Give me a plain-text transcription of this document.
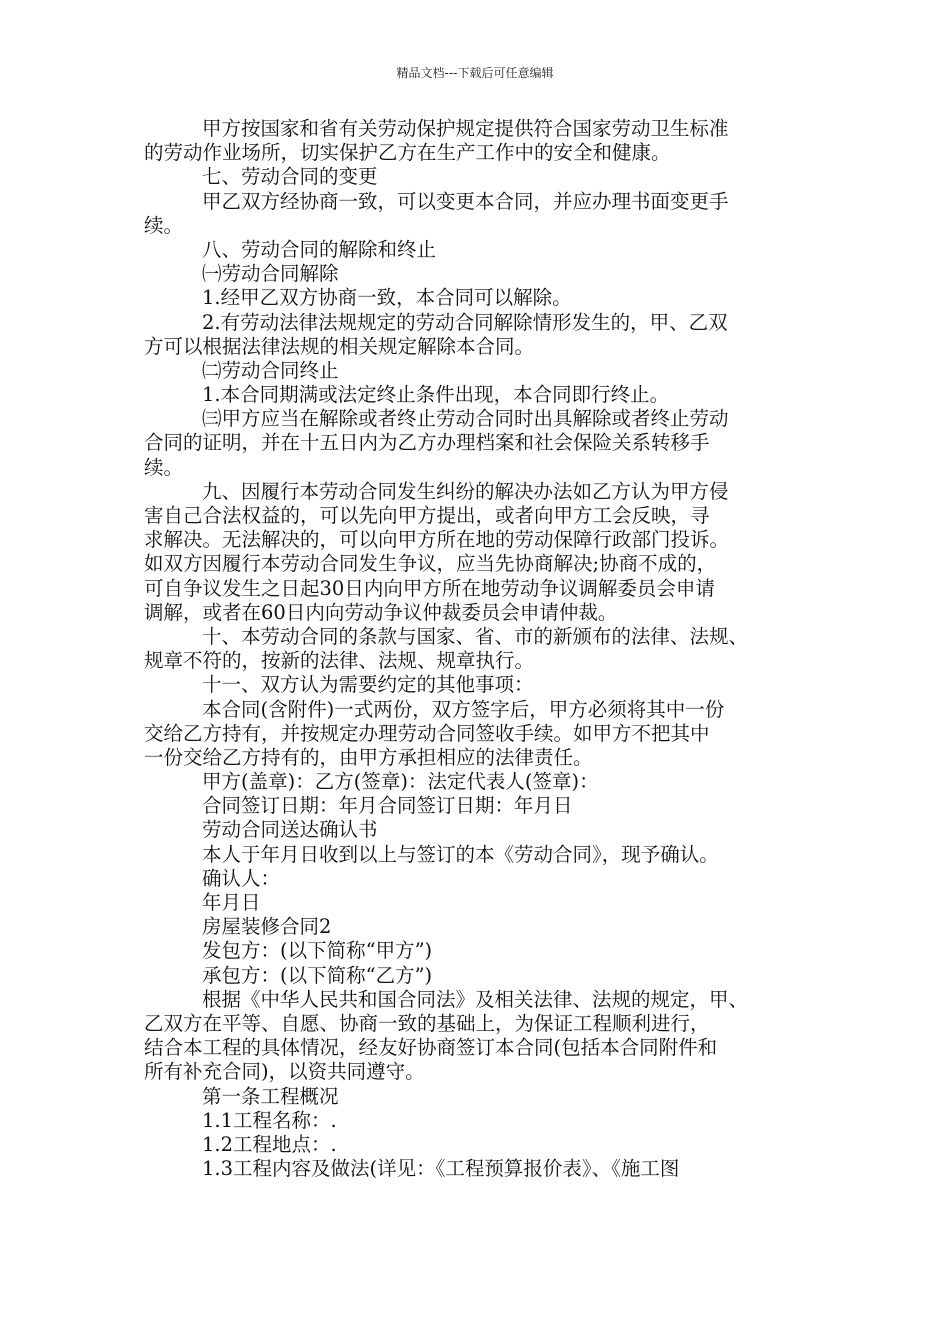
精品文档---下载后可任意编辑
甲方按国家和省有关劳动保护规定提供符合国家劳动卫生标准
的劳动作业场所，切实保护乙方在生产工作中的安全和健康。
七、劳动合同的变更
甲乙双方经协商一致，可以变更本合同，并应办理书面变更手
续。
八、劳动合同的解除和终止
㈠劳动合同解除
1.经甲乙双方协商一致，本合同可以解除。
2.有劳动法律法规规定的劳动合同解除情形发生的，甲、乙双
方可以根据法律法规的相关规定解除本合同。
㈡劳动合同终止
1.本合同期满或法定终止条件出现，本合同即行终止。
㈢甲方应当在解除或者终止劳动合同时出具解除或者终止劳动
合同的证明，并在十五日内为乙方办理档案和社会保险关系转移手
续。
九、因履行本劳动合同发生纠纷的解决办法如乙方认为甲方侵
害自己合法权益的，可以先向甲方提出，或者向甲方工会反映，寻
求解决。无法解决的，可以向甲方所在地的劳动保障行政部门投诉。
如双方因履行本劳动合同发生争议，应当先协商解决;协商不成的，
可自争议发生之日起30日内向甲方所在地劳动争议调解委员会申请
调解，或者在60日内向劳动争议仲裁委员会申请仲裁。
十、本劳动合同的条款与国家、省、市的新颁布的法律、法规、
规章不符的，按新的法律、法规、规章执行。
十一、双方认为需要约定的其他事项：
本合同(含附件)一式两份，双方签字后，甲方必须将其中一份
交给乙方持有，并按规定办理劳动合同签收手续。如甲方不把其中
一份交给乙方持有的，由甲方承担相应的法律责任。
甲方(盖章)：乙方(签章)：法定代表人(签章)：
合同签订日期：年月合同签订日期：年月日
劳动合同送达确认书
本人于年月日收到以上与签订的本《劳动合同》，现予确认。
确认人：
年月日
房屋装修合同2
发包方：(以下简称“甲方”)
承包方：(以下简称“乙方”)
根据《中华人民共和国合同法》及相关法律、法规的规定，甲、
乙双方在平等、自愿、协商一致的基础上，为保证工程顺利进行，
结合本工程的具体情况，经友好协商签订本合同(包括本合同附件和
所有补充合同)，以资共同遵守。
第一条工程概况
1.1工程名称：.
1.2工程地点：.
1.3工程内容及做法(详见：《工程预算报价表》、《施工图
